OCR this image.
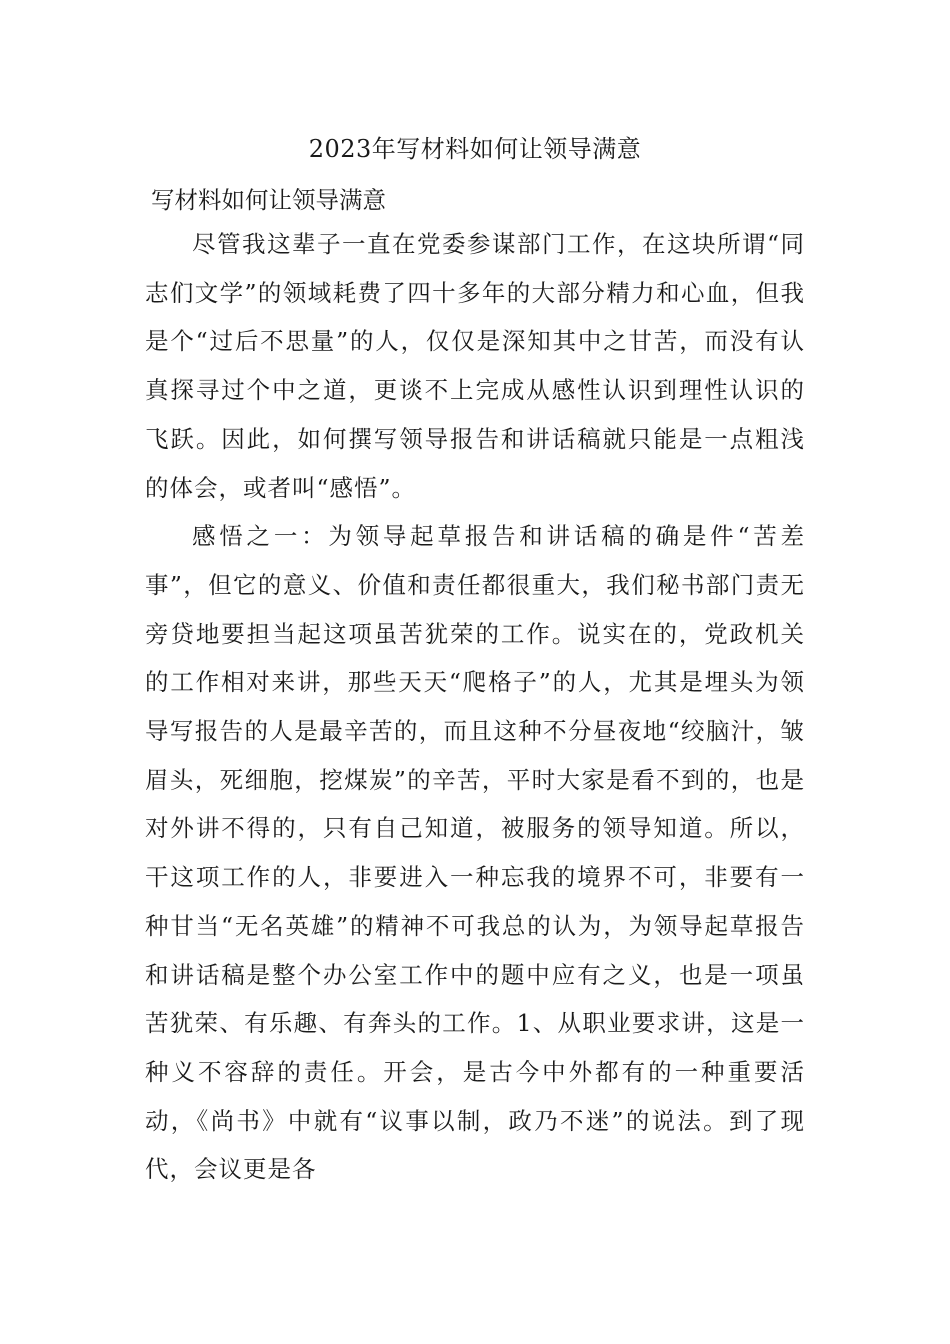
2023年写材料如何让领导满意
写材料如何让领导满意

尽管我这辈子一直在党委参谋部门工作，在这块所谓“同志们文学”的领域耗费了四十多年的大部分精力和心血，但我是个“过后不思量”的人，仅仅是深知其中之甘苦，而没有认真探寻过个中之道，更谈不上完成从感性认识到理性认识的飞跃。因此，如何撰写领导报告和讲话稿就只能是一点粗浅的体会，或者叫“感悟”。

感悟之一：为领导起草报告和讲话稿的确是件“苦差事”，但它的意义、价值和责任都很重大，我们秘书部门责无旁贷地要担当起这项虽苦犹荣的工作。说实在的，党政机关的工作相对来讲，那些天天“爬格子”的人，尤其是埋头为领导写报告的人是最辛苦的，而且这种不分昼夜地“绞脑汁，皱眉头，死细胞，挖煤炭”的辛苦，平时大家是看不到的，也是对外讲不得的，只有自己知道，被服务的领导知道。所以，干这项工作的人，非要进入一种忘我的境界不可，非要有一种甘当“无名英雄”的精神不可我总的认为，为领导起草报告和讲话稿是整个办公室工作中的题中应有之义，也是一项虽苦犹荣、有乐趣、有奔头的工作。1、从职业要求讲，这是一种义不容辞的责任。开会，是古今中外都有的一种重要活动，《尚书》中就有“议事以制，政乃不迷”的说法。到了现代，会议更是各
